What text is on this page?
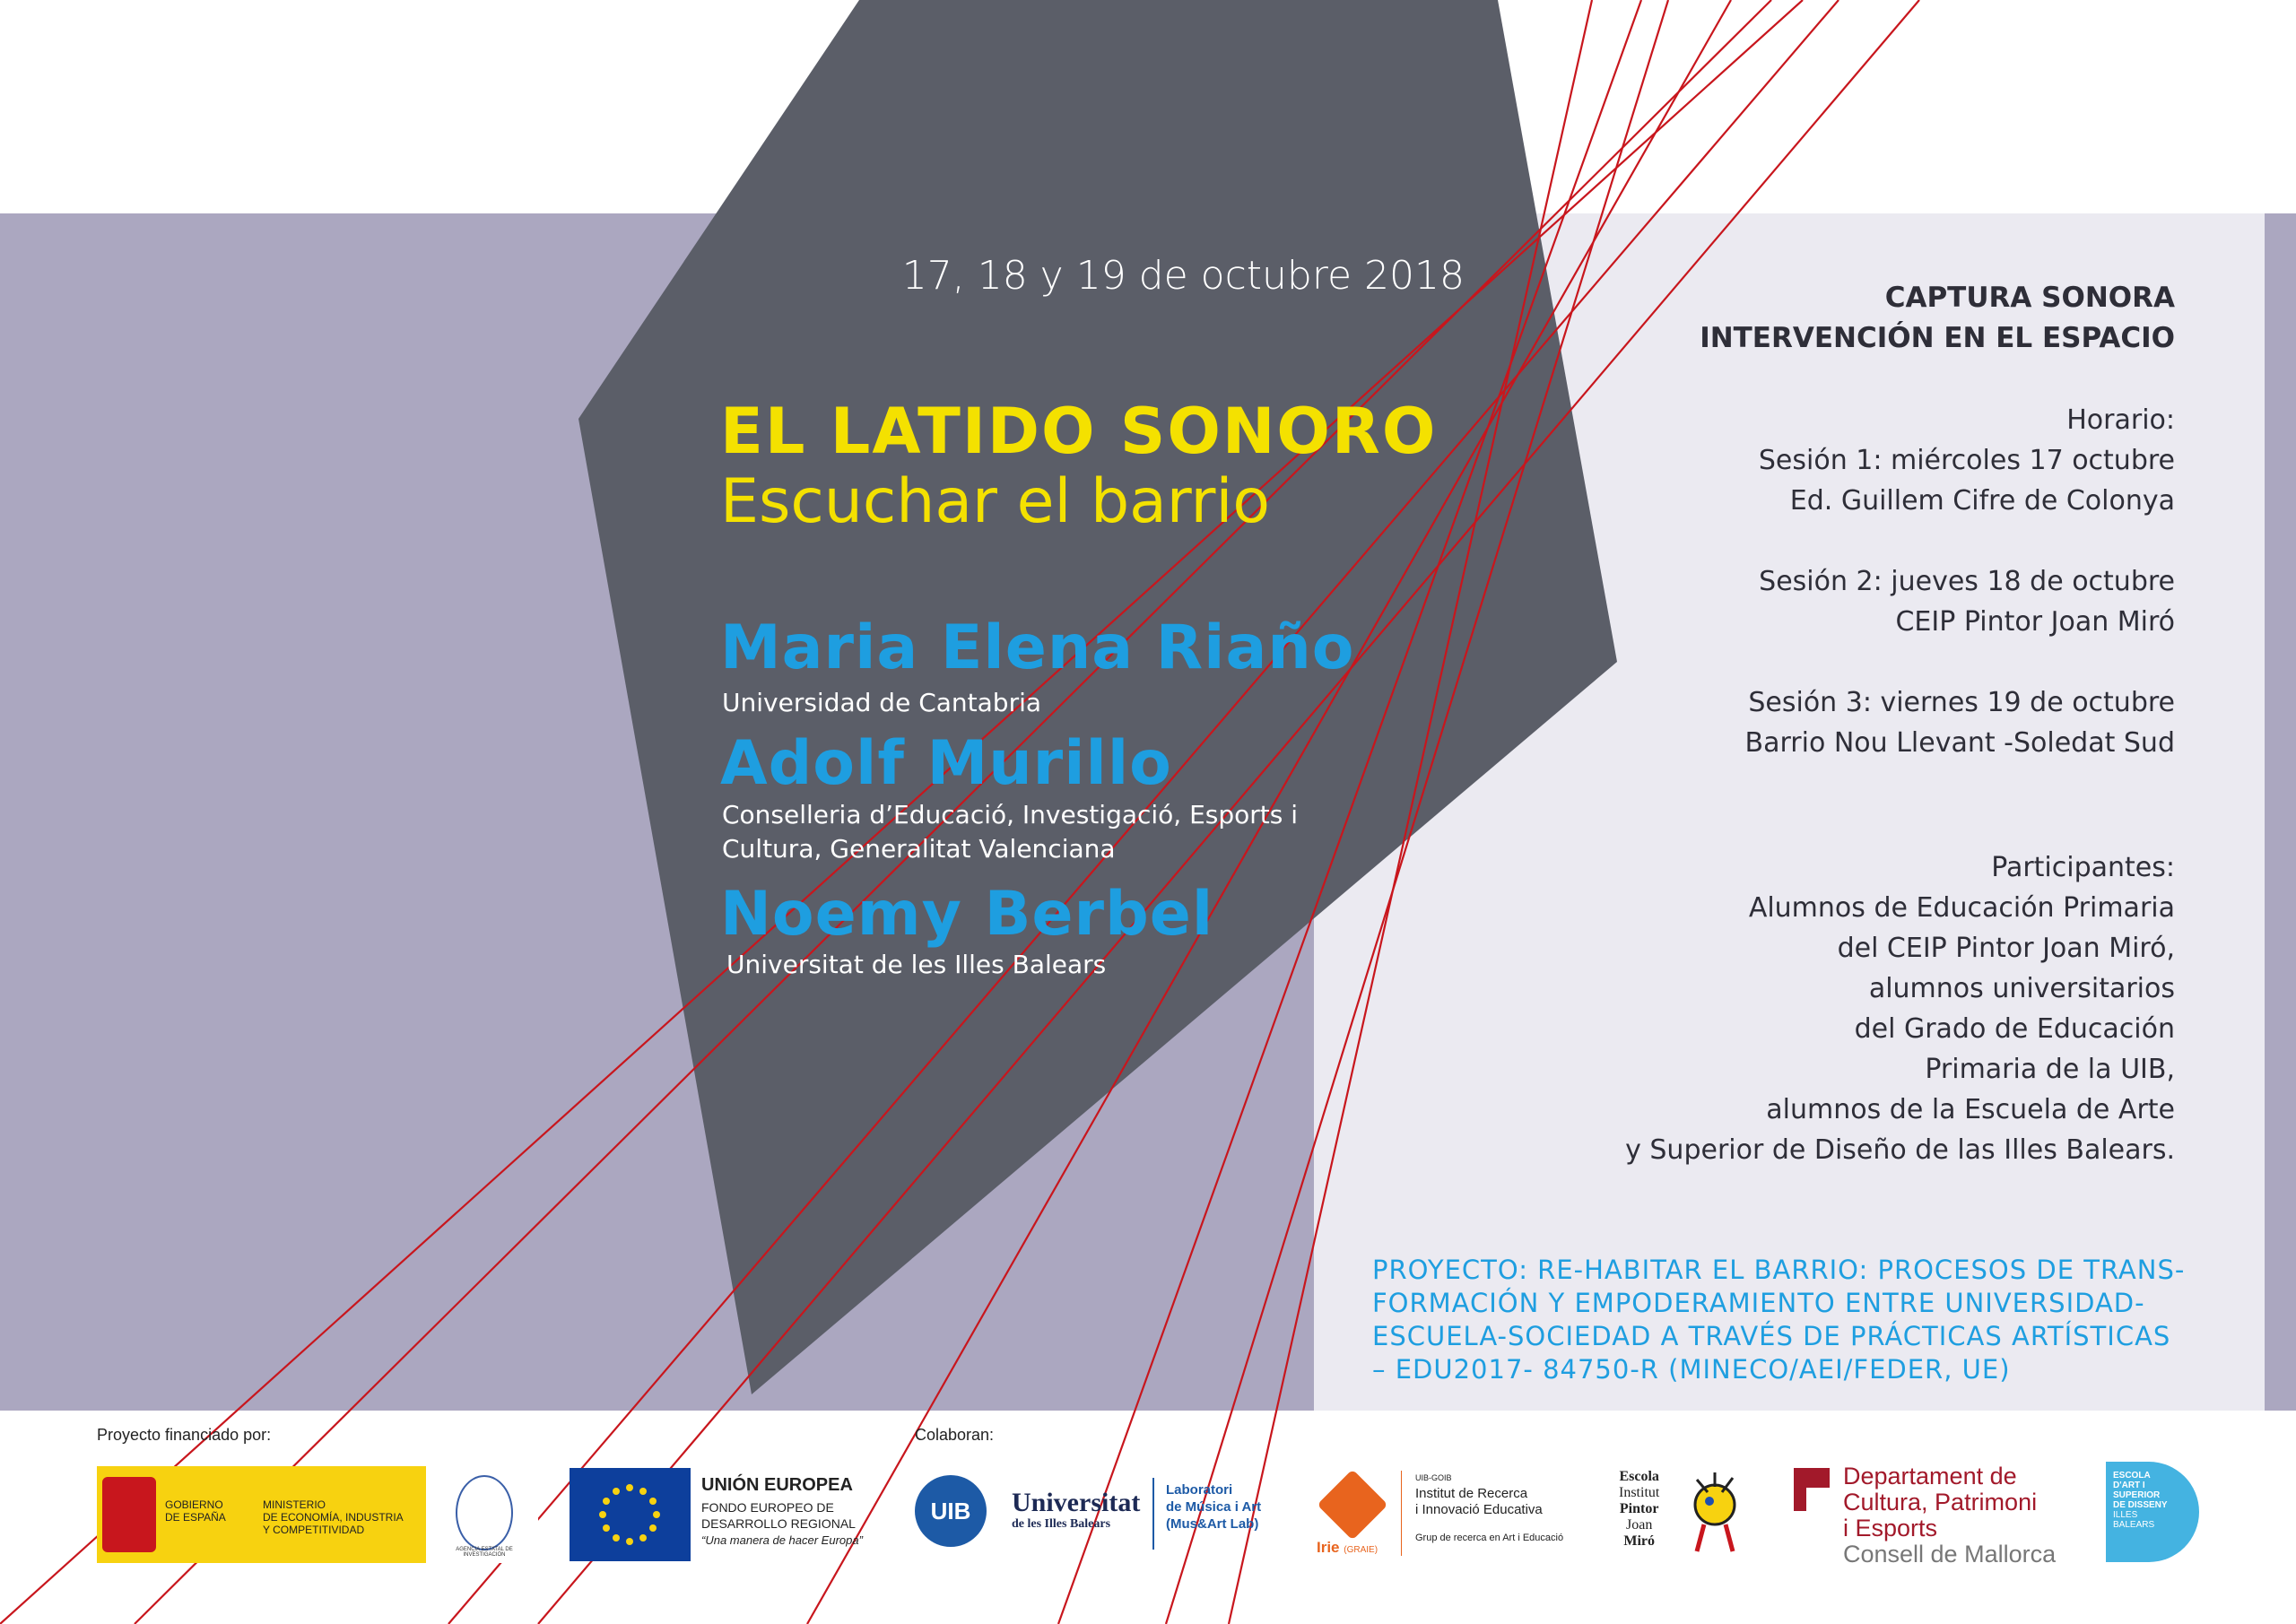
17, 18 y 19 de octubre 2018
EL LATIDO SONORO
Escuchar el barrio
Maria Elena Riaño
Universidad de Cantabria
Adolf Murillo
Conselleria d’Educació, Investigació, Esports i
Cultura, Generalitat Valenciana
Noemy Berbel
Universitat de les Illes Balears
CAPTURA SONORA
INTERVENCIÓN EN EL ESPACIO
Horario:
Sesión 1: miércoles 17 octubre
Ed. Guillem Cifre de Colonya
Sesión 2: jueves 18 de octubre
CEIP Pintor Joan Miró
Sesión 3: viernes 19 de octubre
Barrio Nou Llevant -Soledat Sud
Participantes:
Alumnos de Educación Primaria
del CEIP Pintor Joan Miró,
alumnos universitarios
del Grado de Educación
Primaria de la UIB,
alumnos de la Escuela de Arte
y Superior de Diseño de las Illes Balears.
PROYECTO: RE-HABITAR EL BARRIO: PROCESOS DE TRANS-
FORMACIÓN Y EMPODERAMIENTO ENTRE UNIVERSIDAD-
ESCUELA-SOCIEDAD A TRAVÉS DE PRÁCTICAS ARTÍSTICAS
– EDU2017- 84750-R (MINECO/AEI/FEDER, UE)
Proyecto financiado por:	Colaboran:
GOBIERNO
DE ESPAÑA
MINISTERIO
DE ECONOMÍA, INDUSTRIA
Y COMPETITIVIDAD
AGENCIA ESTATAL DE INVESTIGACIÓN
UNIÓN EUROPEA
FONDO EUROPEO DE
DESARROLLO REGIONAL
“Una manera de hacer Europa”
UIB	Universitat
de les Illes Balears
Laboratori
de Música i Art
(Mus&Art Lab)
Irie (GRAIE)
UIB-GOIB
Institut de Recerca
i Innovació Educativa
Grup de recerca en Art i Educació
Escola
Institut
Pintor
Joan
Miró
Departament de
Cultura, Patrimoni
i Esports
Consell de Mallorca
ESCOLA
D'ART I
SUPERIOR
DE DISSENY
ILLES
BALEARS
